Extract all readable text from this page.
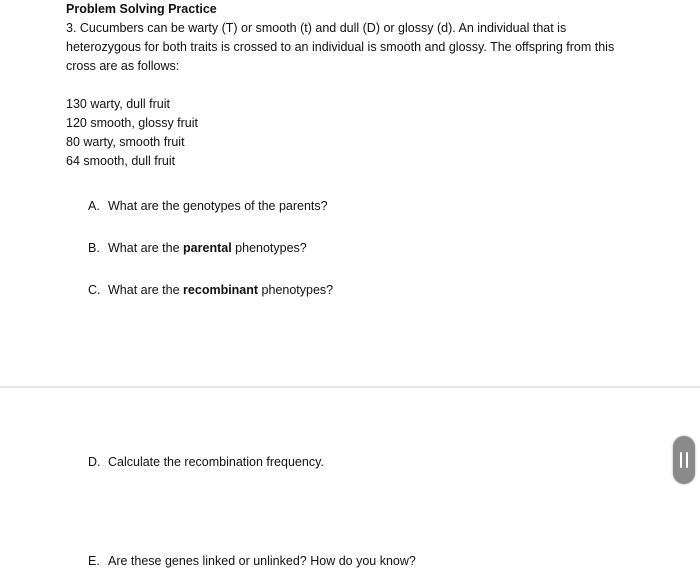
Problem Solving Practice
3. Cucumbers can be warty (T) or smooth (t) and dull (D) or glossy (d). An individual that is
heterozygous for both traits is crossed to an individual is smooth and glossy. The offspring from this
cross are as follows:
130 warty, dull fruit
120 smooth, glossy fruit
80 warty, smooth fruit
64 smooth, dull fruit
A. What are the genotypes of the parents?
B. What are the parental phenotypes?
C. What are the recombinant phenotypes?
D. Calculate the recombination frequency.
E. Are these genes linked or unlinked? How do you know?
